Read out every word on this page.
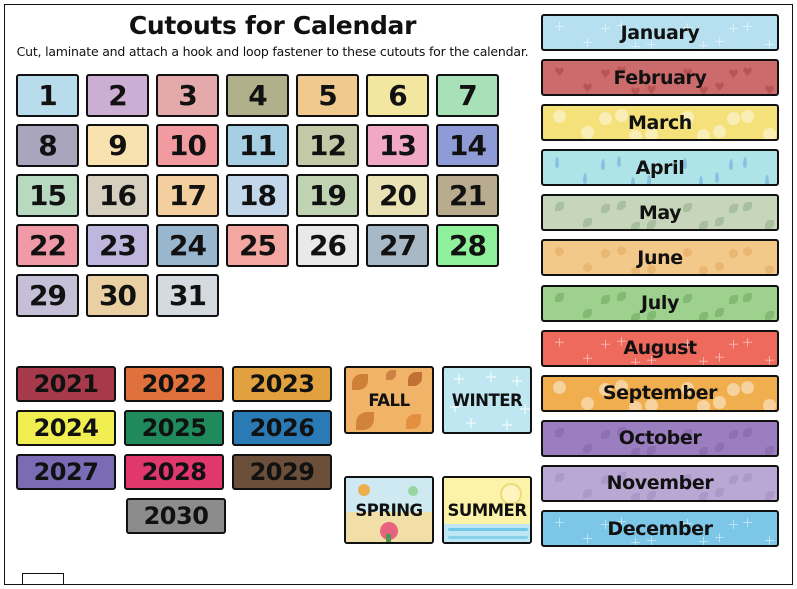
Cutouts for Calendar
Cut, laminate and attach a hook and loop fastener to these cutouts for the calendar.
1 2 3 4 5 6 7
8 9 10 11 12 13 14
15 16 17 18 19 20 21
22 23 24 25 26 27 28
29 30 31
2021 2022 2023
2024 2025 2026
2027 2028 2029
2030
FALL	WINTER
SPRING SUMMER
January
February
March
April
May
June
July
August
September
October
November
December
